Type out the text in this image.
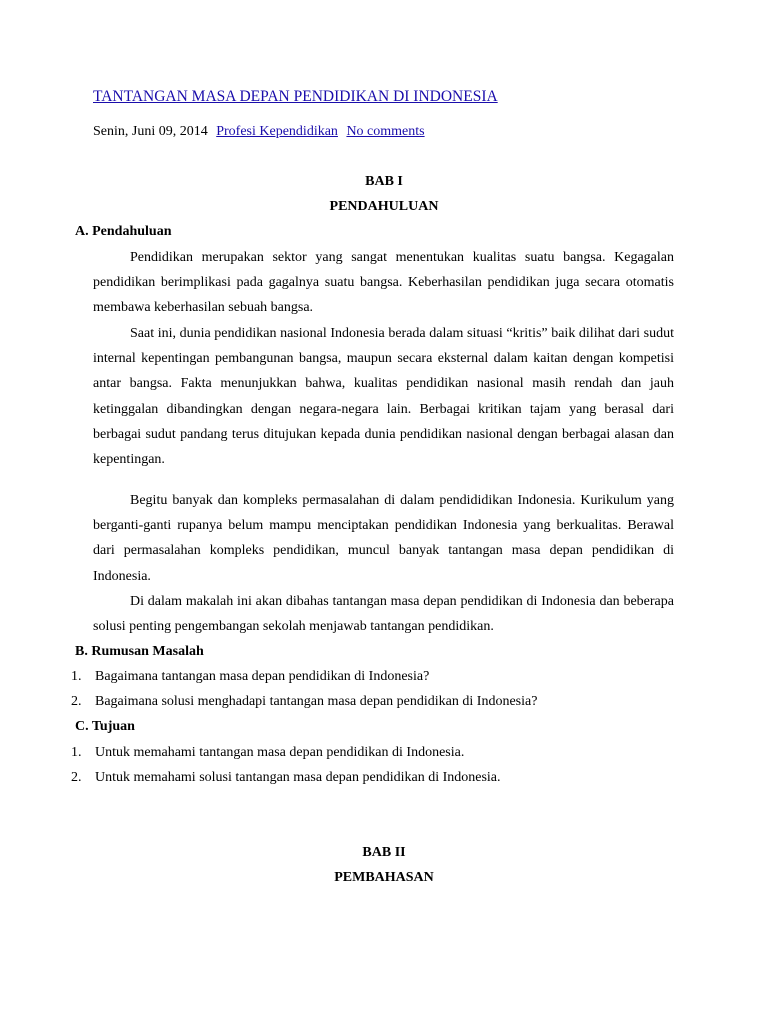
TANTANGAN MASA DEPAN PENDIDIKAN DI INDONESIA
Senin, Juni 09, 2014 Profesi Kependidikan No comments
BAB I
PENDAHULUAN
A. Pendahuluan
Pendidikan merupakan sektor yang sangat menentukan kualitas suatu bangsa. Kegagalan pendidikan berimplikasi pada gagalnya suatu bangsa. Keberhasilan pendidikan juga secara otomatis membawa keberhasilan sebuah bangsa.
Saat ini, dunia pendidikan nasional Indonesia berada dalam situasi “kritis” baik dilihat dari sudut internal kepentingan pembangunan bangsa, maupun secara eksternal dalam kaitan dengan kompetisi antar bangsa. Fakta menunjukkan bahwa, kualitas pendidikan nasional masih rendah dan jauh ketinggalan dibandingkan dengan negara-negara lain. Berbagai kritikan tajam yang berasal dari berbagai sudut pandang terus ditujukan kepada dunia pendidikan nasional dengan berbagai alasan dan kepentingan.
Begitu banyak dan kompleks permasalahan di dalam pendididikan Indonesia. Kurikulum yang berganti-ganti rupanya belum mampu menciptakan pendidikan Indonesia yang berkualitas. Berawal dari permasalahan kompleks pendidikan, muncul banyak tantangan masa depan pendidikan di Indonesia.
Di dalam makalah ini akan dibahas tantangan masa depan pendidikan di Indonesia dan beberapa solusi penting pengembangan sekolah menjawab tantangan pendidikan.
B. Rumusan Masalah
1. Bagaimana tantangan masa depan pendidikan di Indonesia?
2. Bagaimana solusi menghadapi tantangan masa depan pendidikan di Indonesia?
C. Tujuan
1. Untuk memahami tantangan masa depan pendidikan di Indonesia.
2. Untuk memahami solusi tantangan masa depan pendidikan di Indonesia.
BAB II
PEMBAHASAN
